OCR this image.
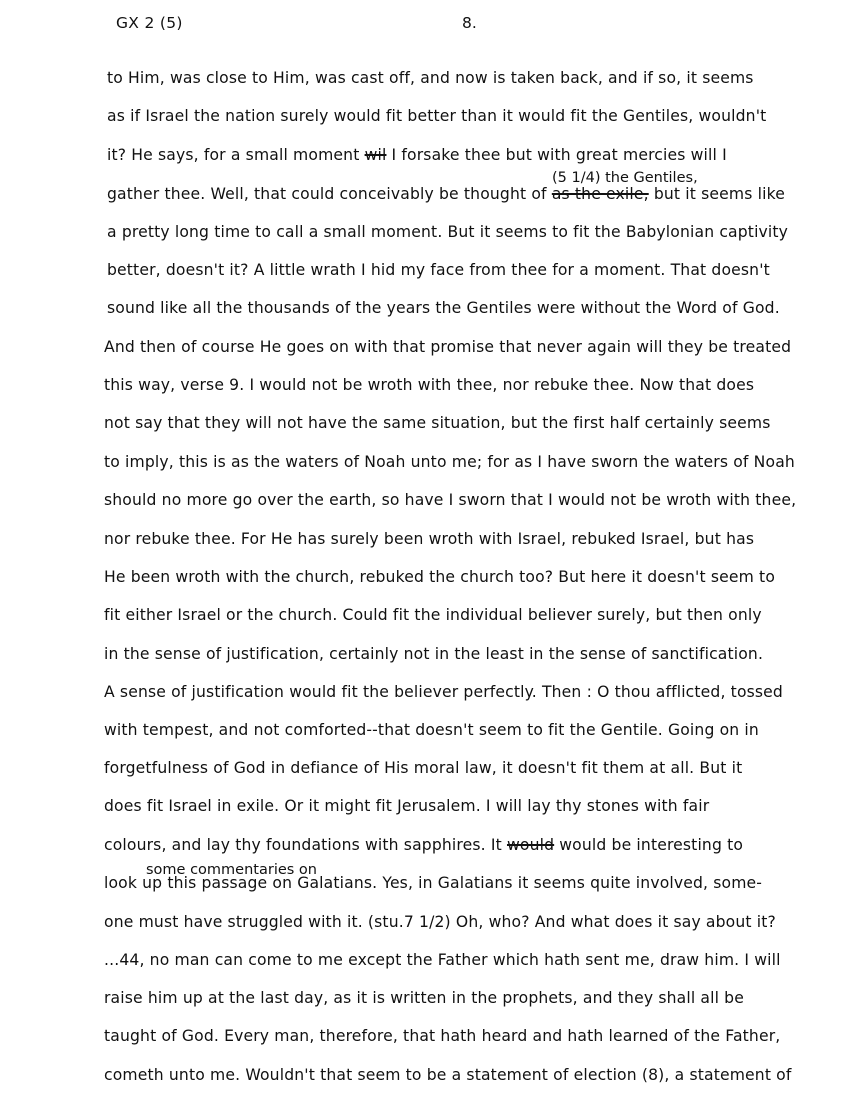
GX 2 (5)	8.
(5 1/4) the Gentiles,
some commentaries on
to Him, was close to Him, was cast off, and now is taken back, and if so, it seems
as if Israel the nation surely would fit better than it would fit the Gentiles, wouldn't
it? He says, for a small moment wil I forsake thee but with great mercies will I
gather thee. Well, that could conceivably be thought of as the exile, but it seems like
a pretty long time to call a small moment. But it seems to fit the Babylonian captivity
better, doesn't it? A little wrath I hid my face from thee for a moment. That doesn't
sound like all the thousands of the years the Gentiles were without the Word of God.
And then of course He goes on with that promise that never again will they be treated
this way, verse 9. I would not be wroth with thee, nor rebuke thee. Now that does
not say that they will not have the same situation, but the first half certainly seems
to imply, this is as the waters of Noah unto me; for as I have sworn the waters of Noah
should no more go over the earth, so have I sworn that I would not be wroth with thee,
nor rebuke thee. For He has surely been wroth with Israel, rebuked Israel, but has
He been wroth with the church, rebuked the church too? But here it doesn't seem to
fit either Israel or the church. Could fit the individual believer surely, but then only
in the sense of justification, certainly not in the least in the sense of sanctification.
A sense of justification would fit the believer perfectly. Then : O thou afflicted, tossed
with tempest, and not comforted--that doesn't seem to fit the Gentile. Going on in
forgetfulness of God in defiance of His moral law, it doesn't fit them at all. But it
does fit Israel in exile. Or it might fit Jerusalem. I will lay thy stones with fair
colours, and lay thy foundations with sapphires. It would would be interesting to
look up this passage on Galatians. Yes, in Galatians it seems quite involved, some-
one must have struggled with it. (stu.7 1/2) Oh, who? And what does it say about it?
...44, no man can come to me except the Father which hath sent me, draw him. I will
raise him up at the last day, as it is written in the prophets, and they shall all be
taught of God. Every man, therefore, that hath heard and hath learned of the Father,
cometh unto me. Wouldn't that seem to be a statement of election (8), a statement of
